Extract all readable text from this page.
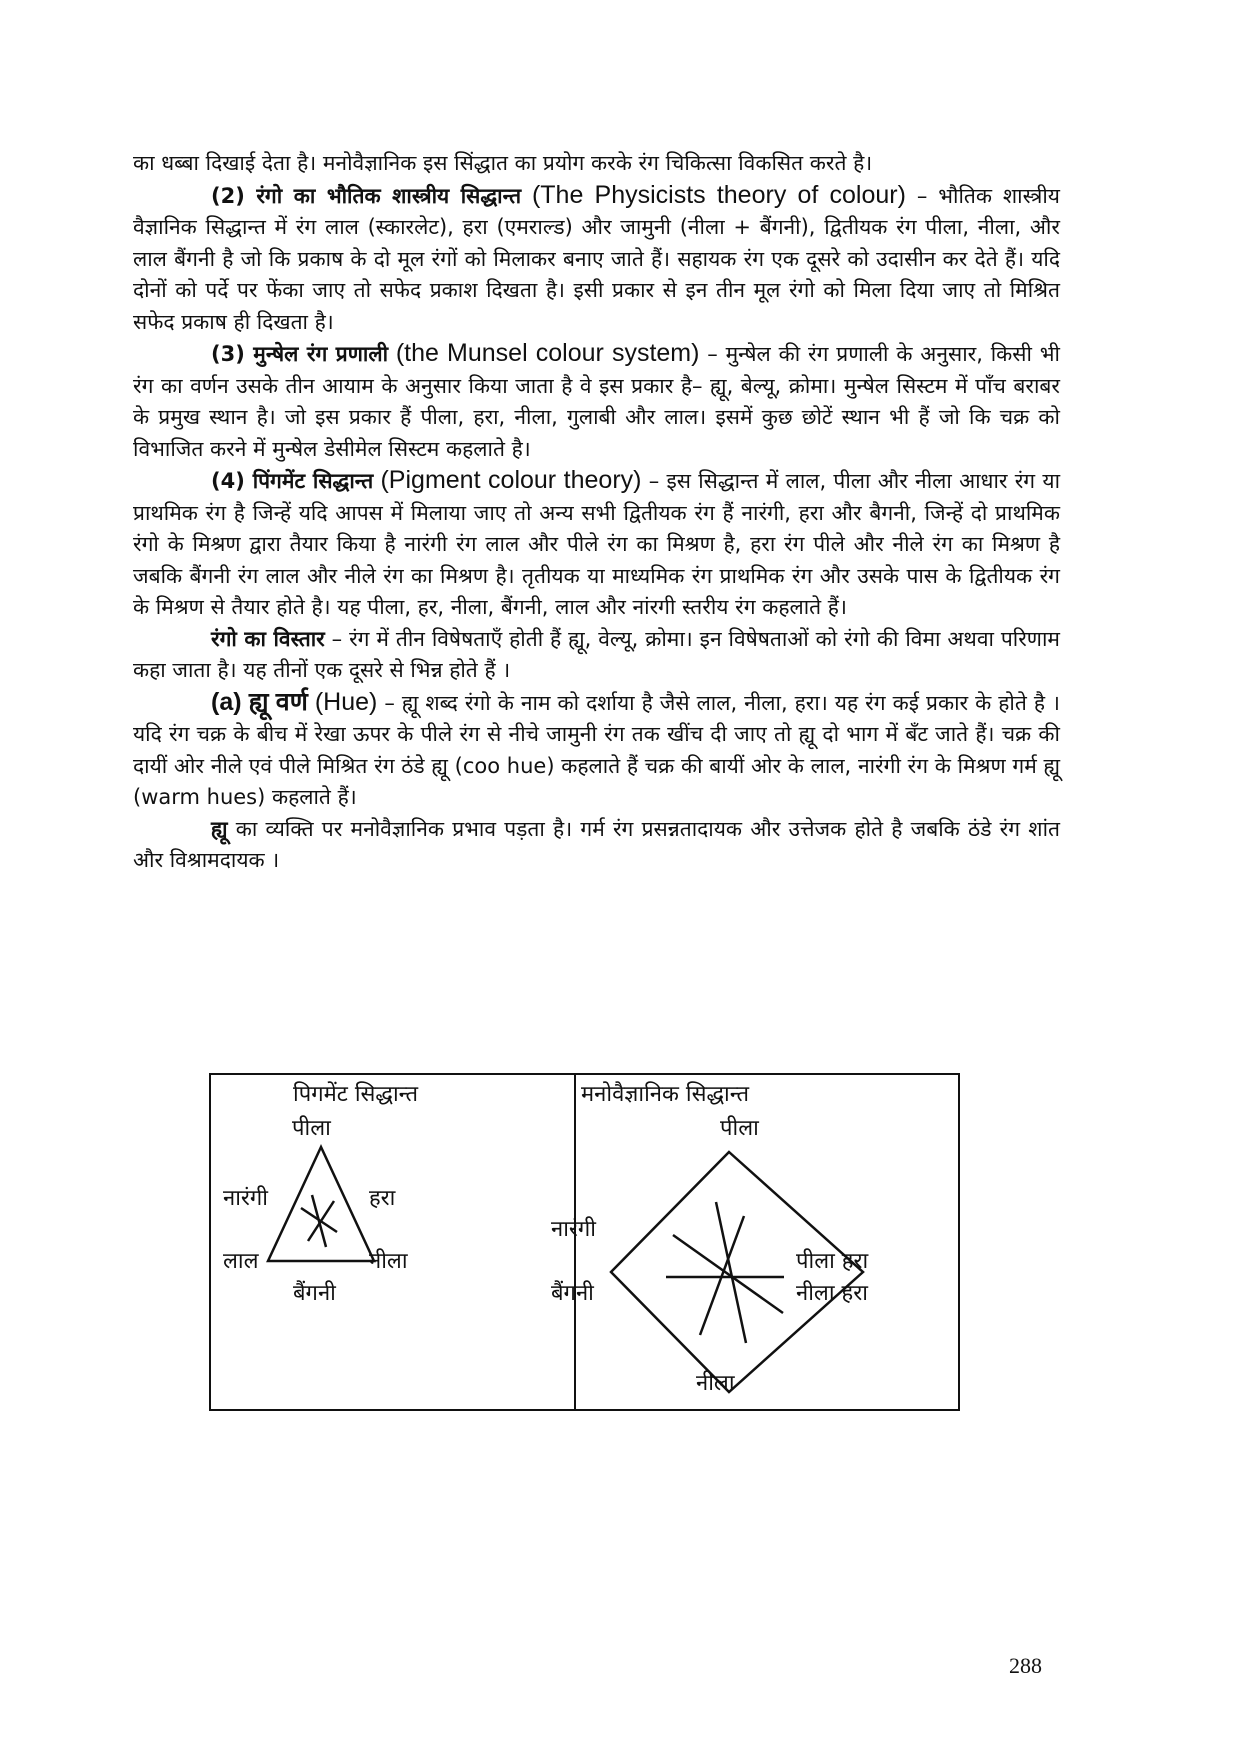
का धब्बा दिखाई देता है। मनोवैज्ञानिक इस सिंद्धात का प्रयोग करके रंग चिकित्सा विकसित करते है।

(2) रंगो का भौतिक शास्त्रीय सिद्धान्त (The Physicists theory of colour) – भौतिक शास्त्रीय वैज्ञानिक सिद्धान्त में रंग लाल (स्कारलेट), हरा (एमराल्ड) और जामुनी (नीला + बैंगनी), द्वितीयक रंग पीला, नीला, और लाल बैंगनी है जो कि प्रकाष के दो मूल रंगों को मिलाकर बनाए जाते हैं। सहायक रंग एक दूसरे को उदासीन कर देते हैं। यदि दोनों को पर्दे पर फेंका जाए तो सफेद प्रकाश दिखता है। इसी प्रकार से इन तीन मूल रंगो को मिला दिया जाए तो मिश्रित सफेद प्रकाष ही दिखता है।

(3) मुन्षेल रंग प्रणाली (the Munsel colour system) – मुन्षेल की रंग प्रणाली के अनुसार, किसी भी रंग का वर्णन उसके तीन आयाम के अनुसार किया जाता है वे इस प्रकार है– ह्यू, बेल्यू, क्रोमा। मुन्षेल सिस्टम में पाँच बराबर के प्रमुख स्थान है। जो इस प्रकार हैं पीला, हरा, नीला, गुलाबी और लाल। इसमें कुछ छोटें स्थान भी हैं जो कि चक्र को विभाजित करने में मुन्षेल डेसीमेल सिस्टम कहलाते है।

(4) पिंगमेंट सिद्धान्त (Pigment colour theory) – इस सिद्धान्त में लाल, पीला और नीला आधार रंग या प्राथमिक रंग है जिन्हें यदि आपस में मिलाया जाए तो अन्य सभी द्वितीयक रंग हैं नारंगी, हरा और बैगनी, जिन्हें दो प्राथमिक रंगो के मिश्रण द्वारा तैयार किया है नारंगी रंग लाल और पीले रंग का मिश्रण है, हरा रंग पीले और नीले रंग का मिश्रण है जबकि बैंगनी रंग लाल और नीले रंग का मिश्रण है। तृतीयक या माध्यमिक रंग प्राथमिक रंग और उसके पास के द्वितीयक रंग के मिश्रण से तैयार होते है। यह पीला, हर, नीला, बैंगनी, लाल और नांरगी स्तरीय रंग कहलाते हैं।

रंगो का विस्तार – रंग में तीन विषेषताएँ होती हैं ह्यू, वेल्यू, क्रोमा। इन विषेषताओं को रंगो की विमा अथवा परिणाम कहा जाता है। यह तीनों एक दूसरे से भिन्न होते हैं ।

(a) ह्यू वर्ण (Hue) – ह्यू शब्द रंगो के नाम को दर्शाया है जैसे लाल, नीला, हरा। यह रंग कई प्रकार के होते है । यदि रंग चक्र के बीच में रेखा ऊपर के पीले रंग से नीचे जामुनी रंग तक खींच दी जाए तो ह्यू दो भाग में बँट जाते हैं। चक्र की दायीं ओर नीले एवं पीले मिश्रित रंग ठंडे ह्यू (coo hue) कहलाते हैं चक्र की बायीं ओर के लाल, नारंगी रंग के मिश्रण गर्म ह्यू (warm hues) कहलाते हैं।

ह्यू का व्यक्ति पर मनोवैज्ञानिक प्रभाव पड़ता है। गर्म रंग प्रसन्नतादायक और उत्तेजक होते है जबकि ठंडे रंग शांत और विश्रामदायक ।

पिगमेंट सिद्धान्त
पीला
नारंगी	हरा
लाल	नीला
बैंगनी
मनोवैज्ञानिक सिद्धान्त
पीला
नारंगी
बैंगनी
पीला हरा
नीला हरा
नीला
288
